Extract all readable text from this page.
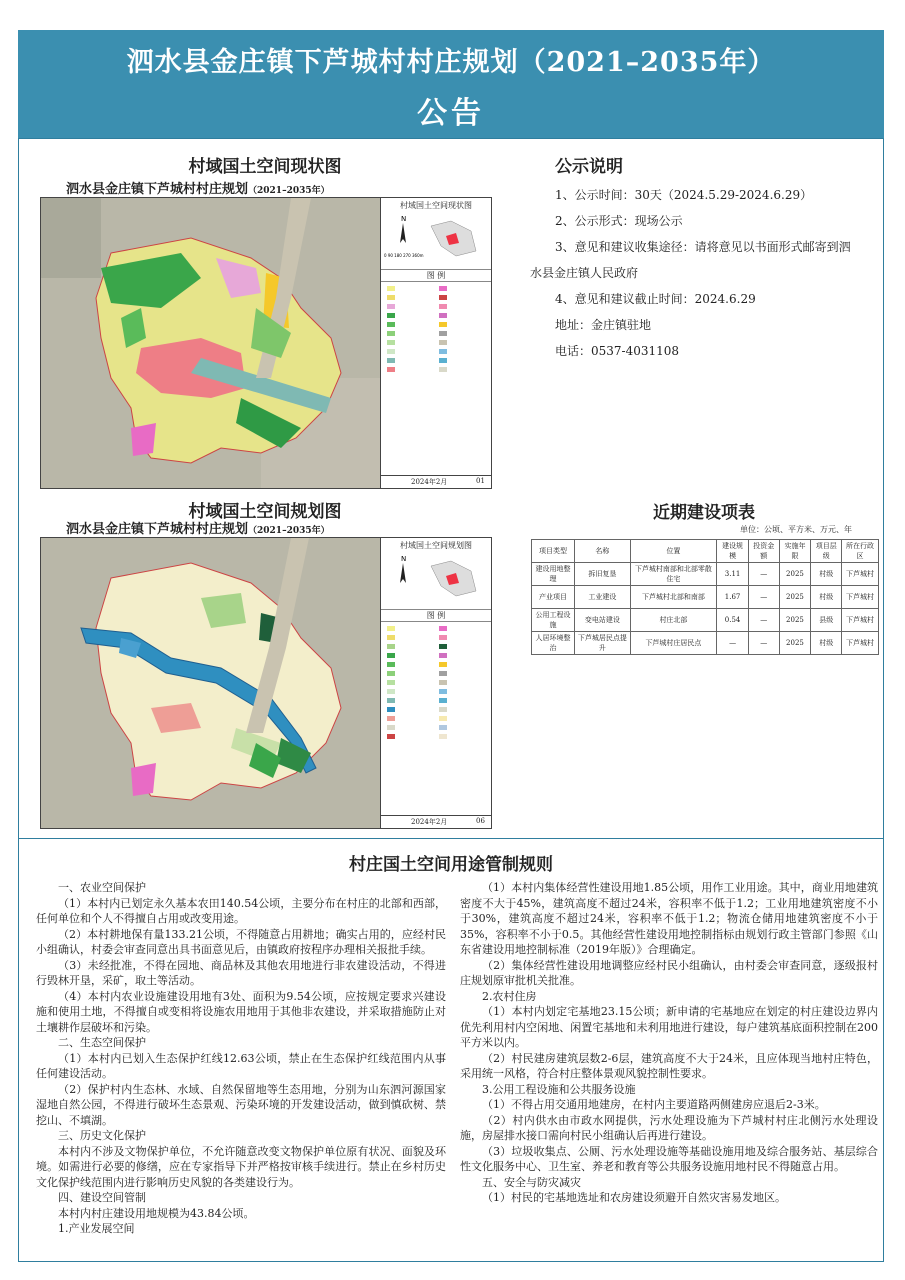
泗水县金庄镇下芦城村村庄规划（2021–2035年）
公告
村域国土空间现状图
泗水县金庄镇下芦城村村庄规划（2021–2035年）
村域国土空间现状图
N
0 90 180 270 360m
图 例
2024年2月	01
村域国土空间规划图
泗水县金庄镇下芦城村村庄规划（2021–2035年）
村域国土空间规划图
N
图 例
2024年2月	06
公示说明
1、公示时间：30天（2024.5.29-2024.6.29）
2、公示形式：现场公示
3、意见和建议收集途径：请将意见以书面形式邮寄到泗
水县金庄镇人民政府
4、意见和建议截止时间：2024.6.29
地址：金庄镇驻地
电话：0537-4031108
近期建设项表
单位：公顷、平方米、万元、年
项目类型	名称	位置	建设规模	投资金额	实施年限	项目层级	所在行政区
建设用地整理	拆旧复垦	下芦城村南部和北部零散住宅	3.11	—	2025	村级	下芦城村
产业项目	工业建设	下芦城村北部和南部	1.67	—	2025	村级	下芦城村
公用工程设施	变电站建设	村庄北部	0.54	—	2025	县级	下芦城村
人居环境整治	下芦城居民点提升	下芦城村庄居民点	—	—	2025	村级	下芦城村
村庄国土空间用途管制规则

一、农业空间保护

（1）本村内已划定永久基本农田140.54公顷，主要分布在村庄的北部和西部，任何单位和个人不得擅自占用或改变用途。

（2）本村耕地保有量133.21公顷，不得随意占用耕地；确实占用的，应经村民小组确认，村委会审查同意出具书面意见后，由镇政府按程序办理相关报批手续。

（3）未经批准，不得在园地、商品林及其他农用地进行非农建设活动，不得进行毁林开垦，采矿，取土等活动。

（4）本村内农业设施建设用地有3处、面积为9.54公顷，应按规定要求兴建设施和使用土地，不得擅自或变相将设施农用地用于其他非农建设，并采取措施防止对土壤耕作层破坏和污染。

二、生态空间保护

（1）本村内已划入生态保护红线12.63公顷，禁止在生态保护红线范围内从事任何建设活动。

（2）保护村内生态林、水域、自然保留地等生态用地，分别为山东泗河源国家湿地自然公园，不得进行破坏生态景观、污染环境的开发建设活动，做到慎砍树、禁挖山、不填湖。

三、历史文化保护

本村内不涉及文物保护单位，不允许随意改变文物保护单位原有状况、面貌及环境。如需进行必要的修缮，应在专家指导下并严格按审核手续进行。禁止在乡村历史文化保护线范围内进行影响历史风貌的各类建设行为。

四、建设空间管制

本村内村庄建设用地规模为43.84公顷。

1.产业发展空间

（1）本村内集体经营性建设用地1.85公顷，用作工业用途。其中，商业用地建筑密度不大于45%，建筑高度不超过24米，容积率不低于1.2；工业用地建筑密度不小于30%，建筑高度不超过24米，容积率不低于1.2；物流仓储用地建筑密度不小于35%，容积率不小于0.5。其他经营性建设用地控制指标由规划行政主管部门参照《山东省建设用地控制标准（2019年版）》合理确定。

（2）集体经营性建设用地调整应经村民小组确认，由村委会审查同意，逐级报村庄规划原审批机关批准。

2.农村住房

（1）本村内划定宅基地23.15公顷；新申请的宅基地应在划定的村庄建设边界内优先利用村内空闲地、闲置宅基地和未利用地进行建设，每户建筑基底面积控制在200平方米以内。

（2）村民建房建筑层数2-6层，建筑高度不大于24米，且应体现当地村庄特色，采用统一风格，符合村庄整体景观风貌控制性要求。

3.公用工程设施和公共服务设施

（1）不得占用交通用地建房，在村内主要道路两侧建房应退后2-3米。

（2）村内供水由市政水网提供，污水处理设施为下芦城村村庄北侧污水处理设施，房屋排水接口需向村民小组确认后再进行建设。

（3）垃圾收集点、公厕、污水处理设施等基础设施用地及综合服务站、基层综合性文化服务中心、卫生室、养老和教育等公共服务设施用地村民不得随意占用。

五、安全与防灾减灾

（1）村民的宅基地选址和农房建设须避开自然灾害易发地区。
